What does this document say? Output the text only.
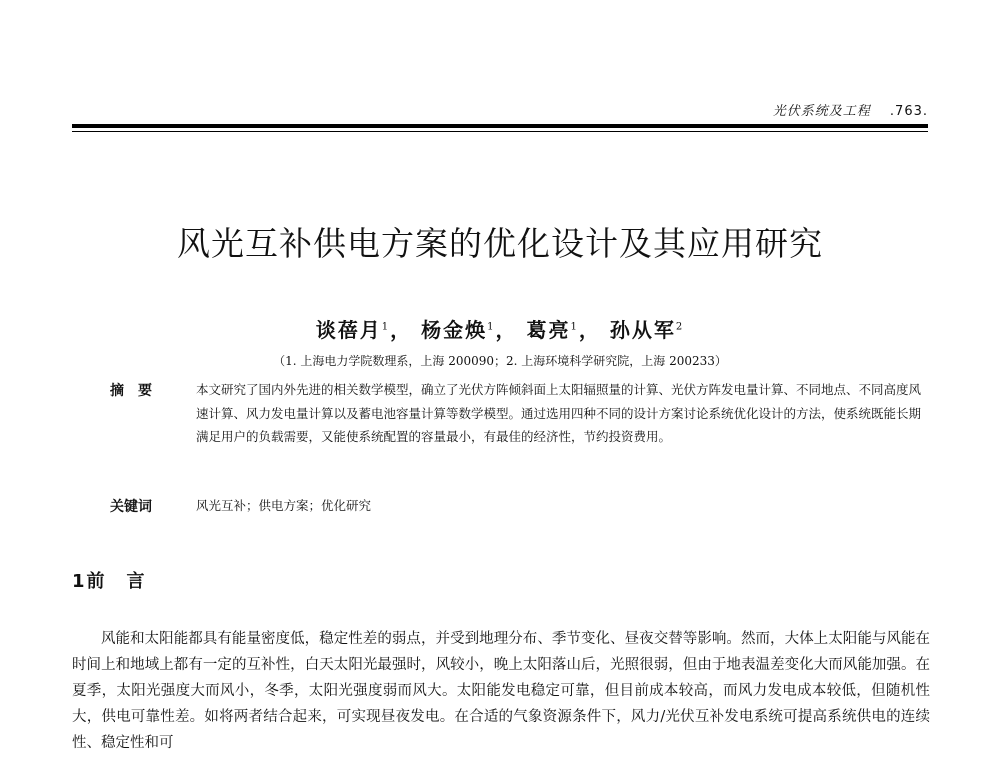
光伏系统及工程 .763.
风光互补供电方案的优化设计及其应用研究
谈蓓月$^1$， 杨金焕$^1$， 葛亮$^1$， 孙从军$^2$
（1. 上海电力学院数理系，上海 200090；2. 上海环境科学研究院，上海 200233）
摘要 本文研究了国内外先进的相关数学模型，确立了光伏方阵倾斜面上太阳辐照量的计算、光伏方阵发电量计算、不同地点、不同高度风速计算、风力发电量计算以及蓄电池容量计算等数学模型。通过选用四种不同的设计方案讨论系统优化设计的方法，使系统既能长期满足用户的负载需要，又能使系统配置的容量最小，有最佳的经济性，节约投资费用。

关键词	风光互补；供电方案；优化研究
1 前言

风能和太阳能都具有能量密度低，稳定性差的弱点，并受到地理分布、季节变化、昼夜交替等影响。然而，大体上太阳能与风能在时间上和地域上都有一定的互补性，白天太阳光最强时，风较小，晚上太阳落山后，光照很弱，但由于地表温差变化大而风能加强。在夏季，太阳光强度大而风小，冬季，太阳光强度弱而风大。太阳能发电稳定可靠，但目前成本较高，而风力发电成本较低，但随机性大，供电可靠性差。如将两者结合起来，可实现昼夜发电。在合适的气象资源条件下，风力/光伏互补发电系统可提高系统供电的连续性、稳定性和可
